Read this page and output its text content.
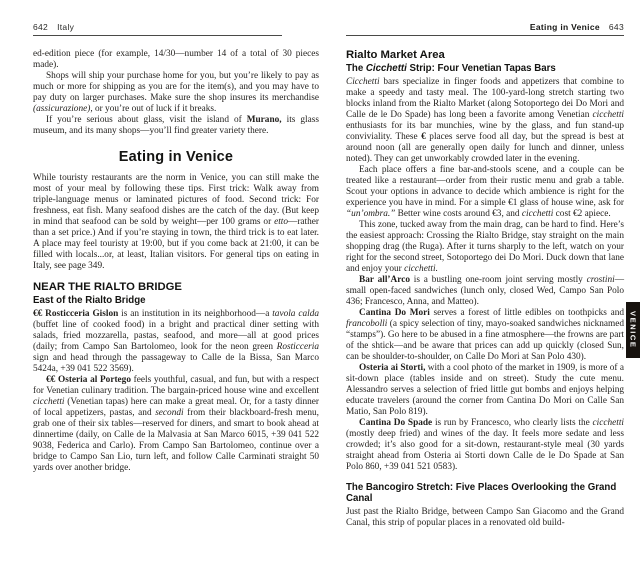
642 Italy
ed-edition piece (for example, 14/30—number 14 of a total of 30 pieces made).
Shops will ship your purchase home for you, but you’re likely to pay as much or more for shipping as you are for the item(s), and you may have to pay duty on larger purchases. Make sure the shop insures its merchandise (assicurazione), or you’re out of luck if it breaks.
If you’re serious about glass, visit the island of Murano, its glass museum, and its many shops—you’ll find greater variety there.
Eating in Venice
While touristy restaurants are the norm in Venice, you can still make the most of your meal by following these tips. First trick: Walk away from triple-language menus or laminated pictures of food. Second trick: For freshness, eat fish. Many seafood dishes are the catch of the day. (But keep in mind that seafood can be sold by weight—per 100 grams or etto—rather than a set price.) And if you’re staying in town, the third trick is to eat later. A place may feel touristy at 19:00, but if you come back at 21:00, it can be filled with locals...or, at least, Italian visitors. For general tips on eating in Italy, see page 349.
NEAR THE RIALTO BRIDGE
East of the Rialto Bridge
€€ Rosticceria Gislon is an institution in its neighborhood—a tavola calda (buffet line of cooked food) in a bright and practical diner setting with salads, fried mozzarella, pastas, seafood, and more—all at good prices (daily; from Campo San Bartolomeo, look for the neon green Rosticceria sign and head through the passageway to Calle de la Bissa, San Marco 5424a, +39 041 522 3569).
€€ Osteria al Portego feels youthful, casual, and fun, but with a respect for Venetian culinary tradition. The bargain-priced house wine and excellent cicchetti (Venetian tapas) here can make a great meal. Or, for a tasty dinner of local appetizers, pastas, and secondi from their blackboard-fresh menu, grab one of their six tables—reserved for diners, and smart to book ahead at dinnertime (daily, on Calle de la Malvasia at San Marco 6015, +39 041 522 9038, Federica and Carlo). From Campo San Bartolomeo, continue over a bridge to Campo San Lio, turn left, and follow Calle Carminati straight 50 yards over another bridge.
Eating in Venice 643
Rialto Market Area
The Cicchetti Strip: Four Venetian Tapas Bars
Cicchetti bars specialize in finger foods and appetizers that combine to make a speedy and tasty meal. The 100-yard-long stretch starting two blocks inland from the Rialto Market (along Sotoportego dei Do Mori and Calle de le Do Spade) has long been a favorite among Venetian cicchetti enthusiasts for its bar munchies, wine by the glass, and fun stand-up conviviality. These € places serve food all day, but the spread is best at around noon (all are generally open daily for lunch and dinner, unless noted). They can get unworkably crowded later in the evening.
Each place offers a fine bar-and-stools scene, and a couple can be treated like a restaurant—order from their rustic menu and grab a table. Scout your options in advance to decide which ambience is right for the experience you have in mind. For a simple €1 glass of house wine, ask for “un’ombra.” Better wine costs around €3, and cicchetti cost €2 apiece.
This zone, tucked away from the main drag, can be hard to find. Here’s the easiest approach: Crossing the Rialto Bridge, stay straight on the main shopping drag (the Ruga). After it turns sharply to the left, watch on your right for the second street, Sotoportego dei Do Mori. Duck down that lane and enjoy your cicchetti.
Bar all’Arco is a bustling one-room joint serving mostly crostini—small open-faced sandwiches (lunch only, closed Wed, Campo San Polo 436; Francesco, Anna, and Matteo).
Cantina Do Mori serves a forest of little edibles on toothpicks and francobolli (a spicy selection of tiny, mayo-soaked sandwiches nicknamed “stamps”). Go here to be abused in a fine atmosphere—the frowns are part of the shtick—and be aware that prices can add up quickly (closed Sun, can be shoulder-to-shoulder, on Calle Do Mori at San Polo 430).
Osteria ai Storti, with a cool photo of the market in 1909, is more of a sit-down place (tables inside and on street). Study the cute menu. Alessandro serves a selection of fried little gut bombs and enjoys helping educate travelers (around the corner from Cantina Do Mori on Calle San Matio, San Polo 819).
Cantina Do Spade is run by Francesco, who clearly lists the cicchetti (mostly deep fried) and wines of the day. It feels more sedate and less crowded; it’s also good for a sit-down, restaurant-style meal (30 yards straight ahead from Osteria ai Storti down Calle de le Do Spade at San Polo 860, +39 041 521 0583).
The Bancogiro Stretch: Five Places Overlooking the Grand Canal
Just past the Rialto Bridge, between Campo San Giacomo and the Grand Canal, this strip of popular places in a renovated old build-
VENICE
